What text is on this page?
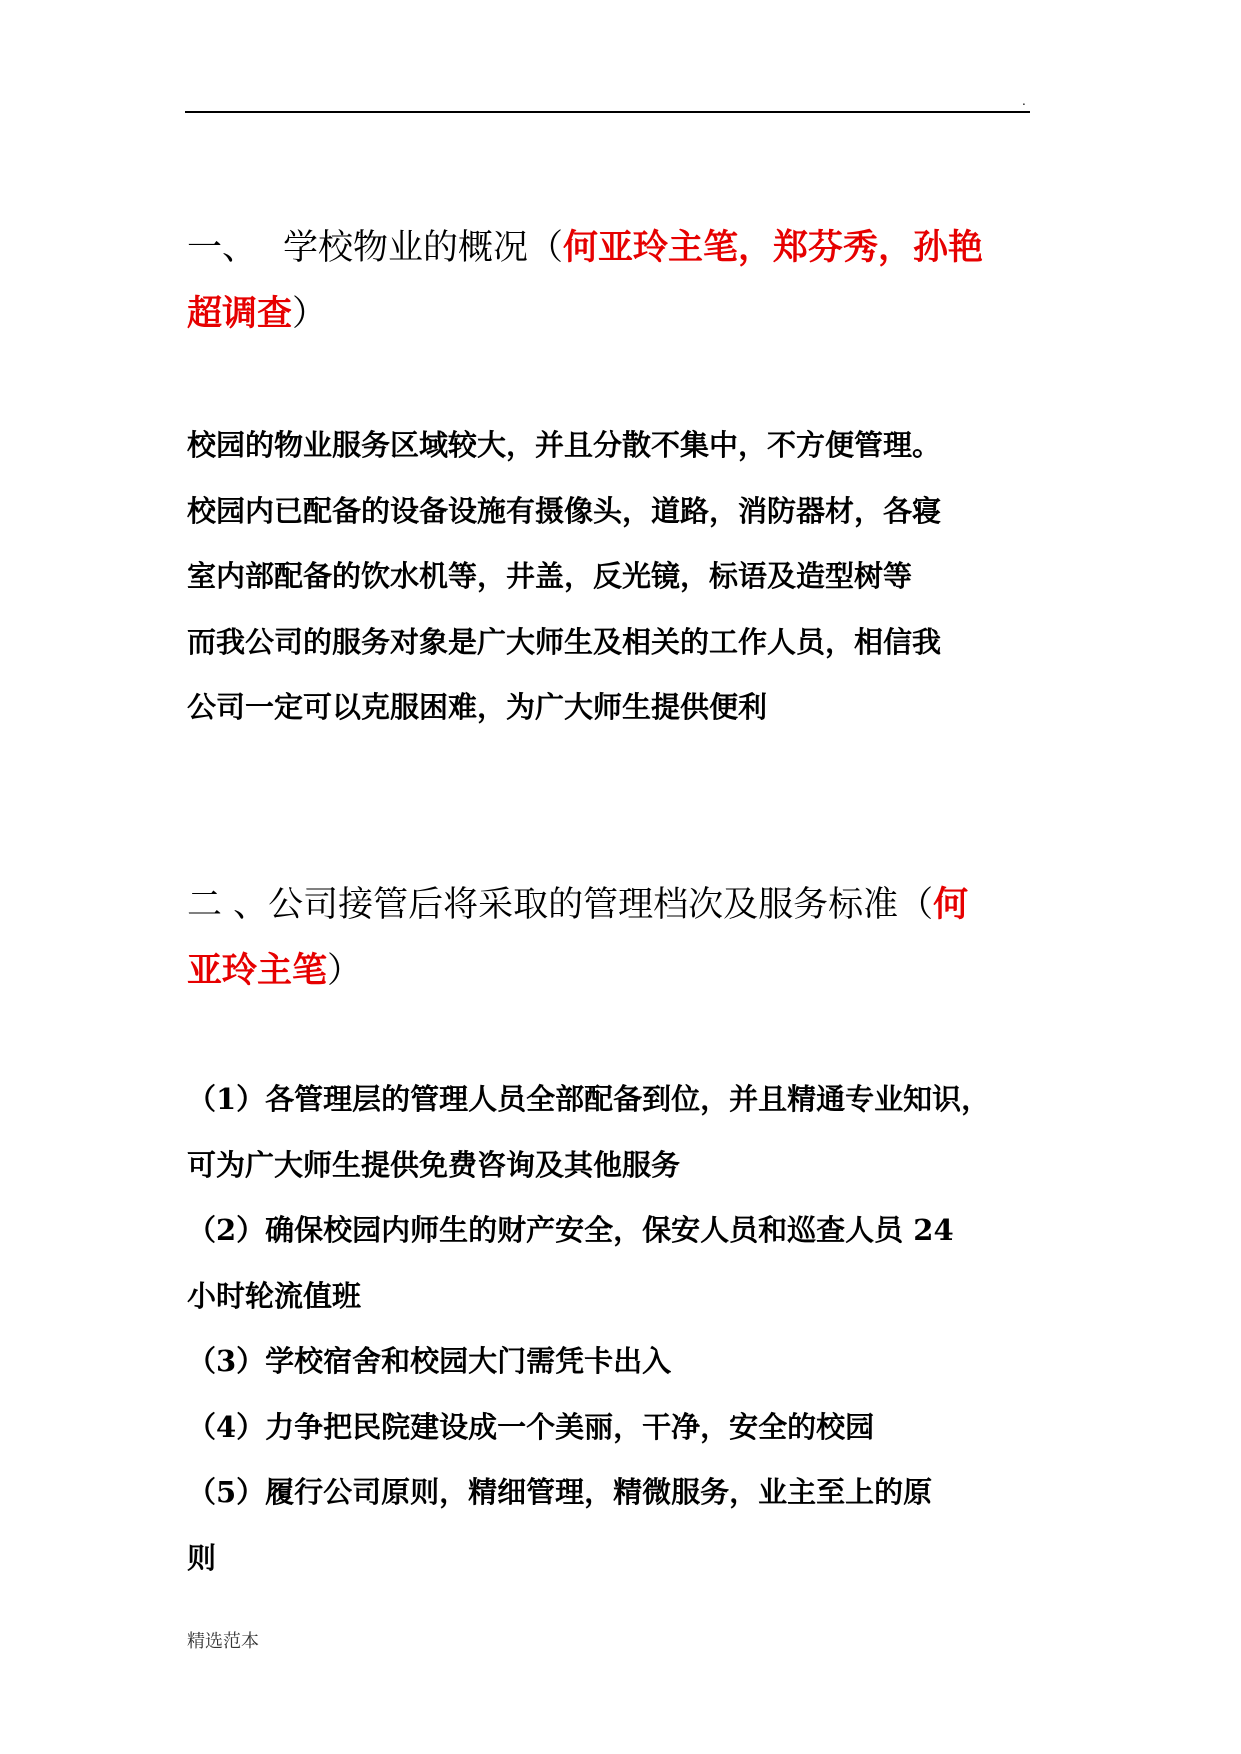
.
一、 学校物业的概况（何亚玲主笔，郑芬秀，孙艳
超调查）

校园的物业服务区域较大，并且分散不集中，不方便管理。

校园内已配备的设备设施有摄像头，道路，消防器材，各寝

室内部配备的饮水机等，井盖，反光镜，标语及造型树等

而我公司的服务对象是广大师生及相关的工作人员，相信我

公司一定可以克服困难，为广大师生提供便利

二 、公司接管后将采取的管理档次及服务标准（何
亚玲主笔）

（1）各管理层的管理人员全部配备到位，并且精通专业知识，

可为广大师生提供免费咨询及其他服务

（2）确保校园内师生的财产安全，保安人员和巡查人员 24

小时轮流值班

（3）学校宿舍和校园大门需凭卡出入

（4）力争把民院建设成一个美丽，干净，安全的校园

（5）履行公司原则，精细管理，精微服务，业主至上的原

则

精选范本
